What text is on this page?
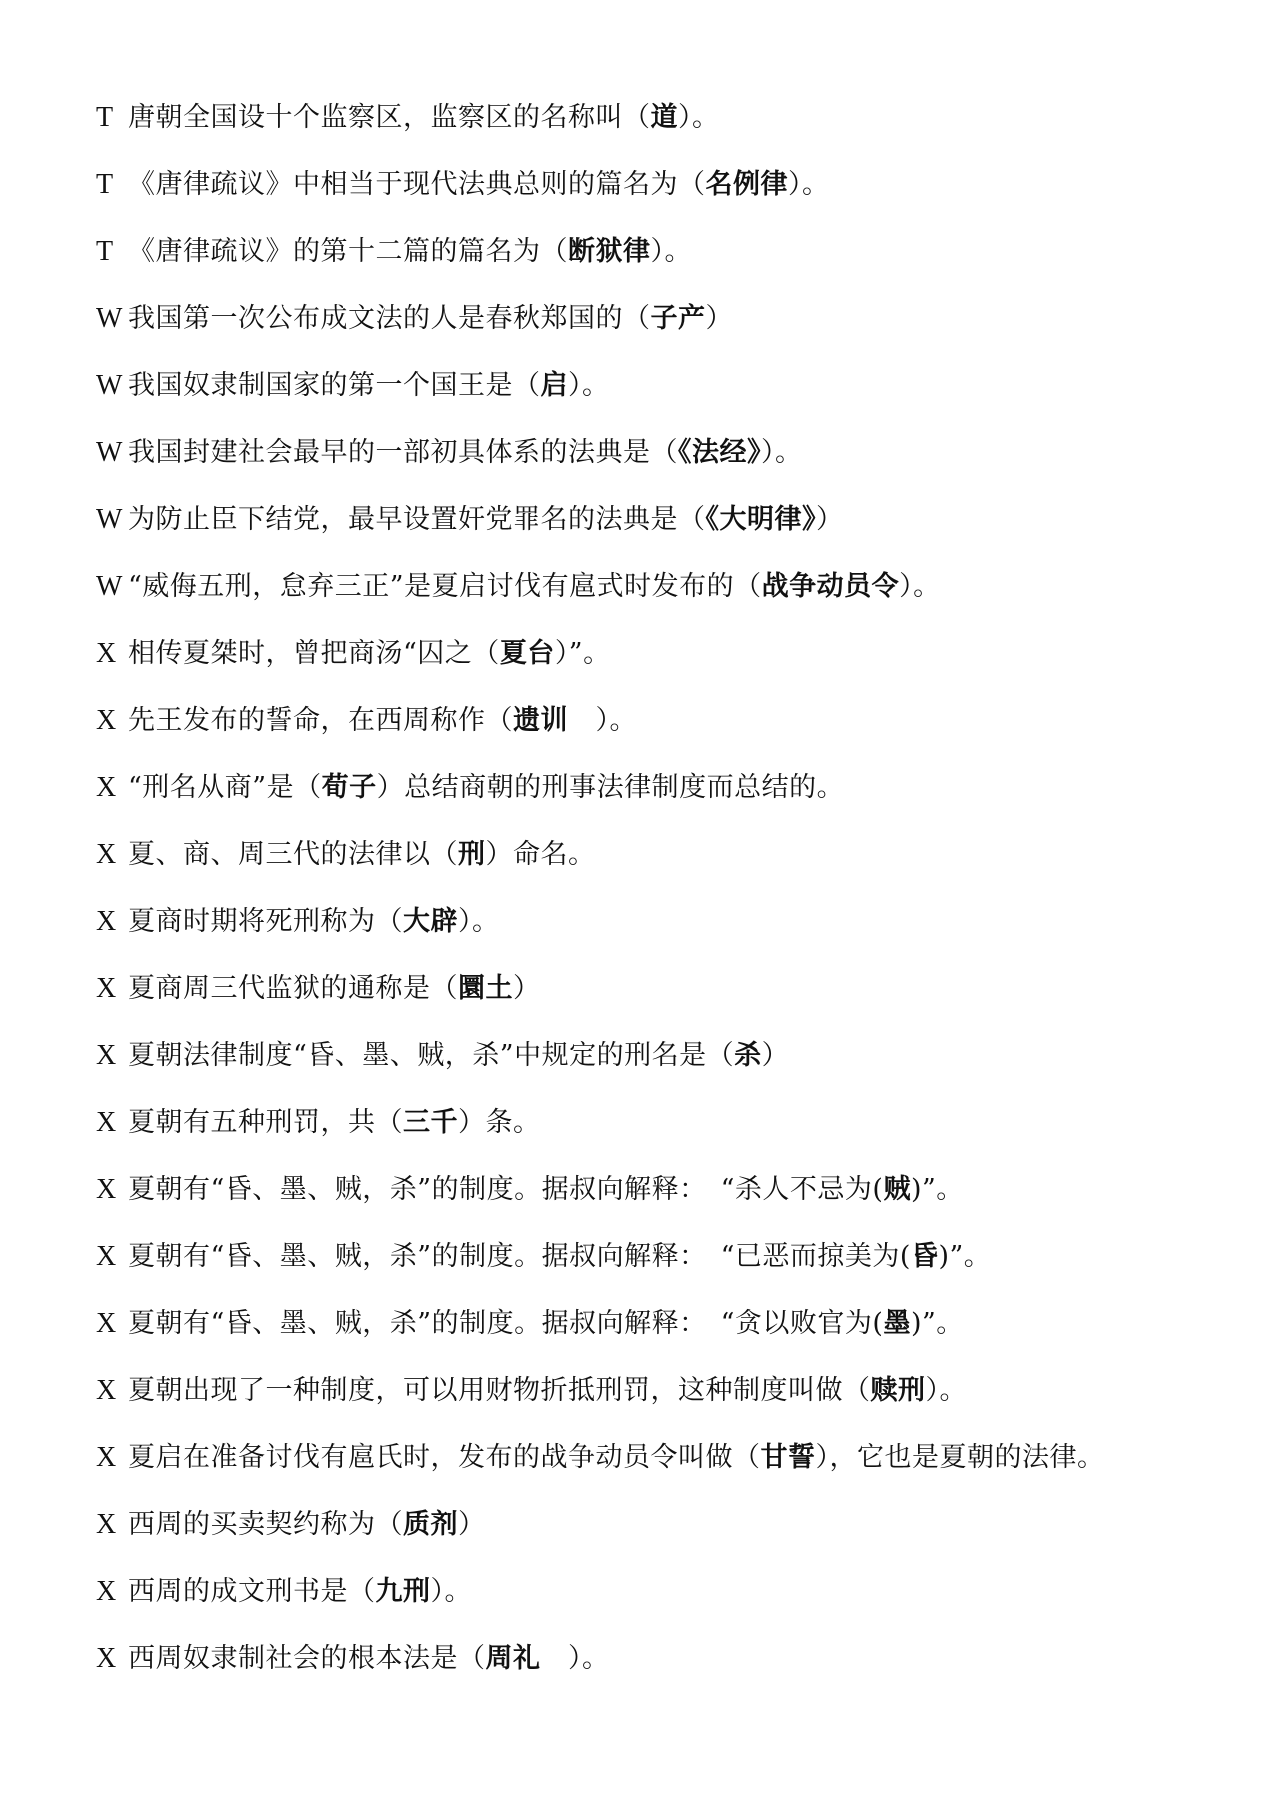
T 唐朝全国设十个监察区，监察区的名称叫（道）。
T 《唐律疏议》中相当于现代法典总则的篇名为（名例律）。
T 《唐律疏议》的第十二篇的篇名为（断狱律）。
W 我国第一次公布成文法的人是春秋郑国的（子产）
W 我国奴隶制国家的第一个国王是（启）。
W 我国封建社会最早的一部初具体系的法典是（《法经》）。
W 为防止臣下结党，最早设置奸党罪名的法典是（《大明律》）
W “威侮五刑，怠弃三正”是夏启讨伐有扈式时发布的（战争动员令）。
X 相传夏桀时，曾把商汤“囚之（夏台）”。
X 先王发布的誓命，在西周称作（遗训　）。
X “刑名从商”是（荀子）总结商朝的刑事法律制度而总结的。
X 夏、商、周三代的法律以（刑）命名。
X 夏商时期将死刑称为（大辟）。
X 夏商周三代监狱的通称是（圜土）
X 夏朝法律制度“昏、墨、贼，杀”中规定的刑名是（杀）
X 夏朝有五种刑罚，共（三千）条。
X 夏朝有“昏、墨、贼，杀”的制度。据叔向解释：　“杀人不忌为(贼)”。
X 夏朝有“昏、墨、贼，杀”的制度。据叔向解释：　“已恶而掠美为(昏)”。
X 夏朝有“昏、墨、贼，杀”的制度。据叔向解释：　“贪以败官为(墨)”。
X 夏朝出现了一种制度，可以用财物折抵刑罚，这种制度叫做（赎刑）。
X 夏启在准备讨伐有扈氏时，发布的战争动员令叫做（甘誓），它也是夏朝的法律。
X 西周的买卖契约称为（质剂）
X 西周的成文刑书是（九刑）。
X 西周奴隶制社会的根本法是（周礼　）。
